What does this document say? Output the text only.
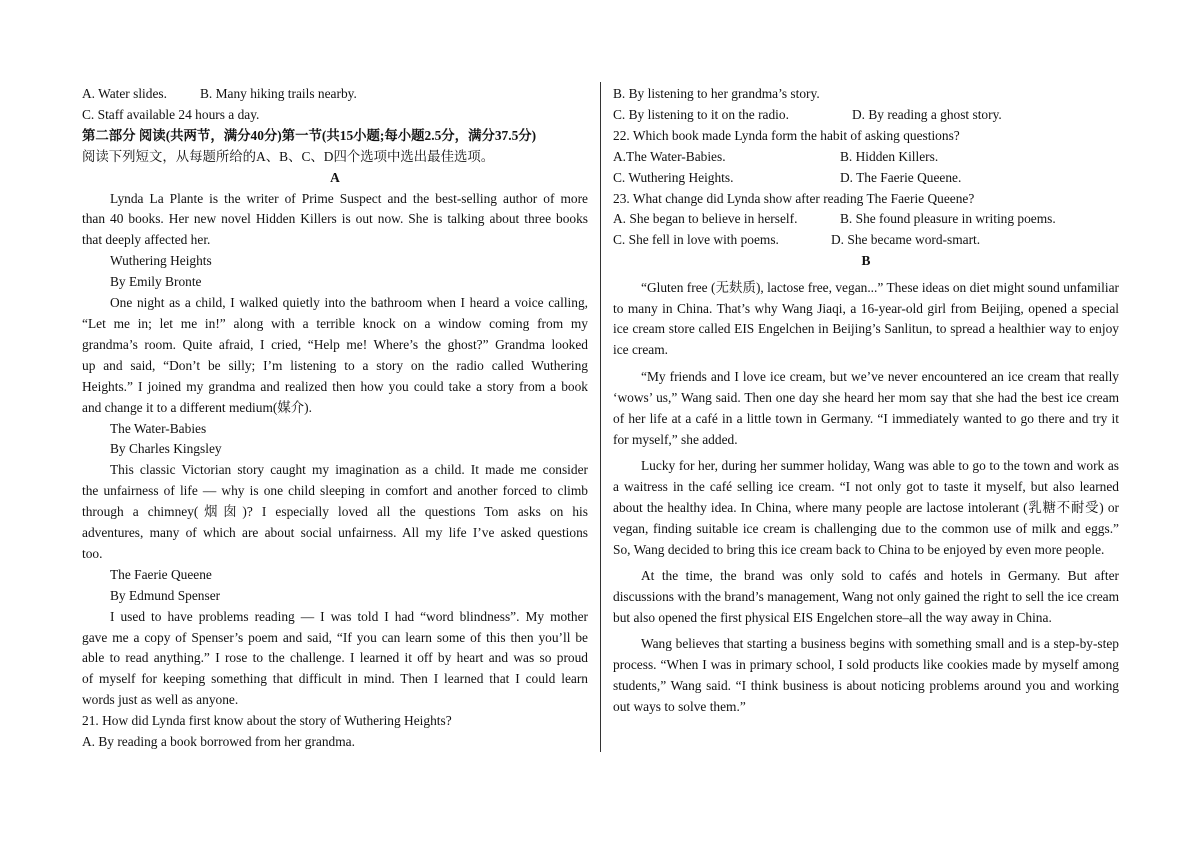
A. Water slides.	B. Many hiking trails nearby.
C. Staff available 24 hours a day.
第二部分 阅读(共两节，满分40分)第一节(共15小题;每小题2.5分，满分37.5分)
阅读下列短文，从每题所给的A、B、C、D四个选项中选出最佳选项。
A
Lynda La Plante is the writer of Prime Suspect and the best-selling author of more
than 40 books. Her new novel Hidden Killers is out now. She is talking about three books
that deeply affected her.
Wuthering Heights
By Emily Bronte
One night as a child, I walked quietly into the bathroom when I heard a voice calling,
“Let me in; let me in!” along with a terrible knock on a window coming from my
grandma’s room. Quite afraid, I cried, “Help me! Where’s the ghost?” Grandma looked
up and said, “Don’t be silly; I’m listening to a story on the radio called Wuthering
Heights.” I joined my grandma and realized then how you could take a story from a book
and change it to a different medium(媒介).
The Water-Babies
By Charles Kingsley
This classic Victorian story caught my imagination as a child. It made me consider
the unfairness of life — why is one child sleeping in comfort and another forced to climb
through a chimney(烟囱)? I especially loved all the questions Tom asks on his
adventures, many of which are about social unfairness. All my life I’ve asked questions
too.
The Faerie Queene
By Edmund Spenser
I used to have problems reading — I was told I had “word blindness”. My mother
gave me a copy of Spenser’s poem and said, “If you can learn some of this then you’ll be
able to read anything.” I rose to the challenge. I learned it off by heart and was so proud
of myself for keeping something that difficult in mind. Then I learned that I could learn
words just as well as anyone.
21. How did Lynda first know about the story of Wuthering Heights?
A. By reading a book borrowed from her grandma.
B. By listening to her grandma’s story.
C. By listening to it on the radio.	D. By reading a ghost story.
22. Which book made Lynda form the habit of asking questions?
A.The Water-Babies.	B. Hidden Killers.
C. Wuthering Heights.	D. The Faerie Queene.
23. What change did Lynda show after reading The Faerie Queene?
A. She began to believe in herself.	B. She found pleasure in writing poems.
C. She fell in love with poems.	D. She became word-smart.
B

“Gluten free (无麸质), lactose free, vegan...” These ideas on diet might sound unfamiliar to many in China. That’s why Wang Jiaqi, a 16-year-old girl from Beijing, opened a special ice cream store called EIS Engelchen in Beijing’s Sanlitun, to spread a healthier way to enjoy ice cream.

“My friends and I love ice cream, but we’ve never encountered an ice cream that really ‘wows’ us,” Wang said. Then one day she heard her mom say that she had the best ice cream of her life at a café in a little town in Germany. “I immediately wanted to go there and try it for myself,” she added.

Lucky for her, during her summer holiday, Wang was able to go to the town and work as a waitress in the café selling ice cream. “I not only got to taste it myself, but also learned about the healthy idea. In China, where many people are lactose intolerant (乳糖不耐受) or vegan, finding suitable ice cream is challenging due to the common use of milk and eggs.” So, Wang decided to bring this ice cream back to China to be enjoyed by even more people.

At the time, the brand was only sold to cafés and hotels in Germany. But after discussions with the brand’s management, Wang not only gained the right to sell the ice cream but also opened the first physical EIS Engelchen store–all the way away in China.

Wang believes that starting a business begins with something small and is a step-by-step process. “When I was in primary school, I sold products like cookies made by myself among students,” Wang said. “I think business is about noticing problems around you and working out ways to solve them.”
